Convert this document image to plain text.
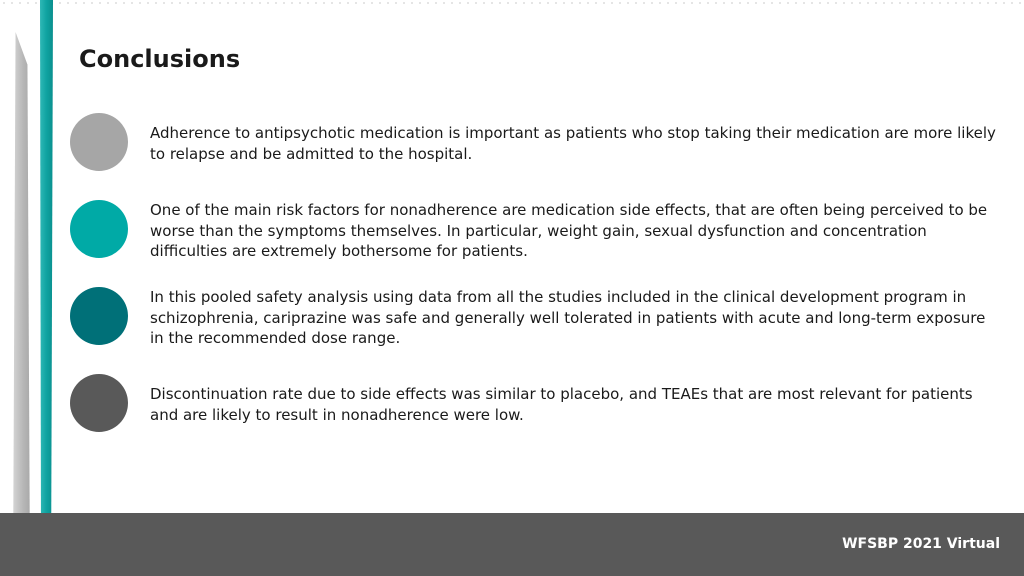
Conclusions

Adherence to antipsychotic medication is important as patients who stop taking their medication are more likely to relapse and be admitted to the hospital.

One of the main risk factors for nonadherence are medication side effects, that are often being perceived to be worse than the symptoms themselves. In particular, weight gain, sexual dysfunction and concentration difficulties are extremely bothersome for patients.

In this pooled safety analysis using data from all the studies included in the clinical development program in schizophrenia, cariprazine was safe and generally well tolerated in patients with acute and long-term exposure in the recommended dose range.

Discontinuation rate due to side effects was similar to placebo, and TEAEs that are most relevant for patients and are likely to result in nonadherence were low.

WFSBP 2021 Virtual
